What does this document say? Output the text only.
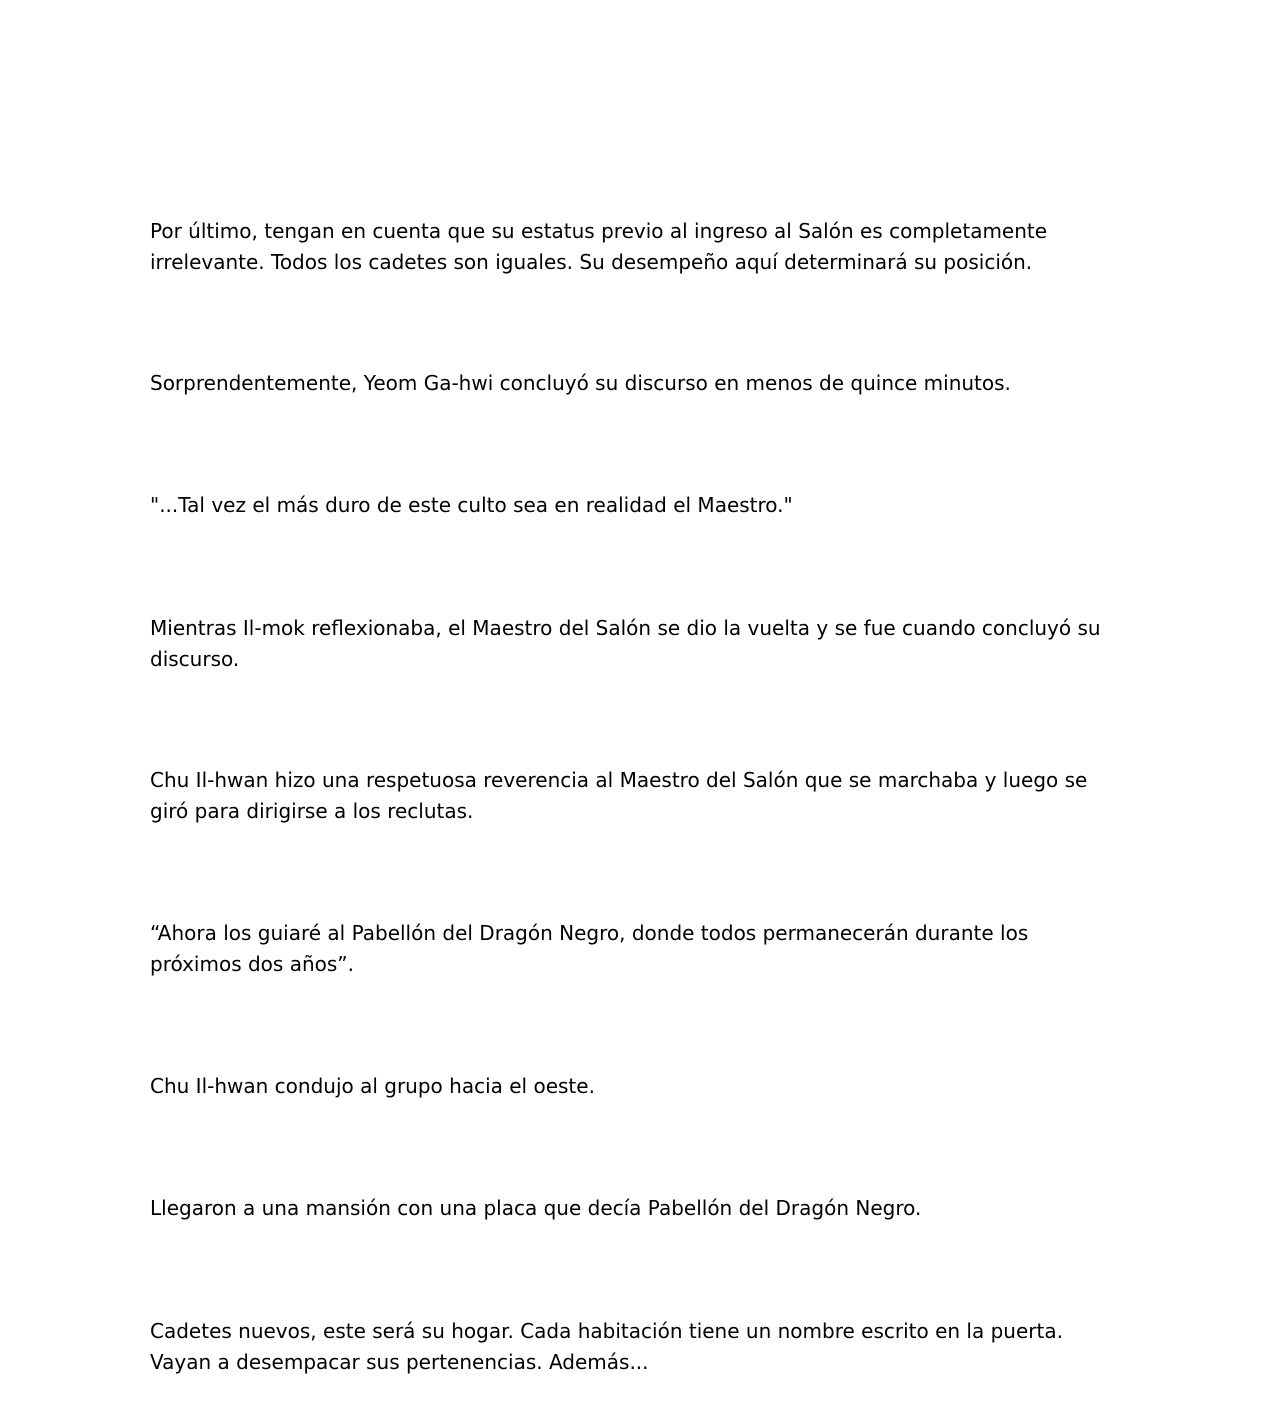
Por último, tengan en cuenta que su estatus previo al ingreso al Salón es completamente
irrelevante. Todos los cadetes son iguales. Su desempeño aquí determinará su posición.

Sorprendentemente, Yeom Ga-hwi concluyó su discurso en menos de quince minutos.

"...Tal vez el más duro de este culto sea en realidad el Maestro."

Mientras Il-mok reflexionaba, el Maestro del Salón se dio la vuelta y se fue cuando concluyó su
discurso.

Chu Il-hwan hizo una respetuosa reverencia al Maestro del Salón que se marchaba y luego se
giró para dirigirse a los reclutas.

“Ahora los guiaré al Pabellón del Dragón Negro, donde todos permanecerán durante los
próximos dos años”.

Chu Il-hwan condujo al grupo hacia el oeste.

Llegaron a una mansión con una placa que decía Pabellón del Dragón Negro.

Cadetes nuevos, este será su hogar. Cada habitación tiene un nombre escrito en la puerta.
Vayan a desempacar sus pertenencias. Además...
